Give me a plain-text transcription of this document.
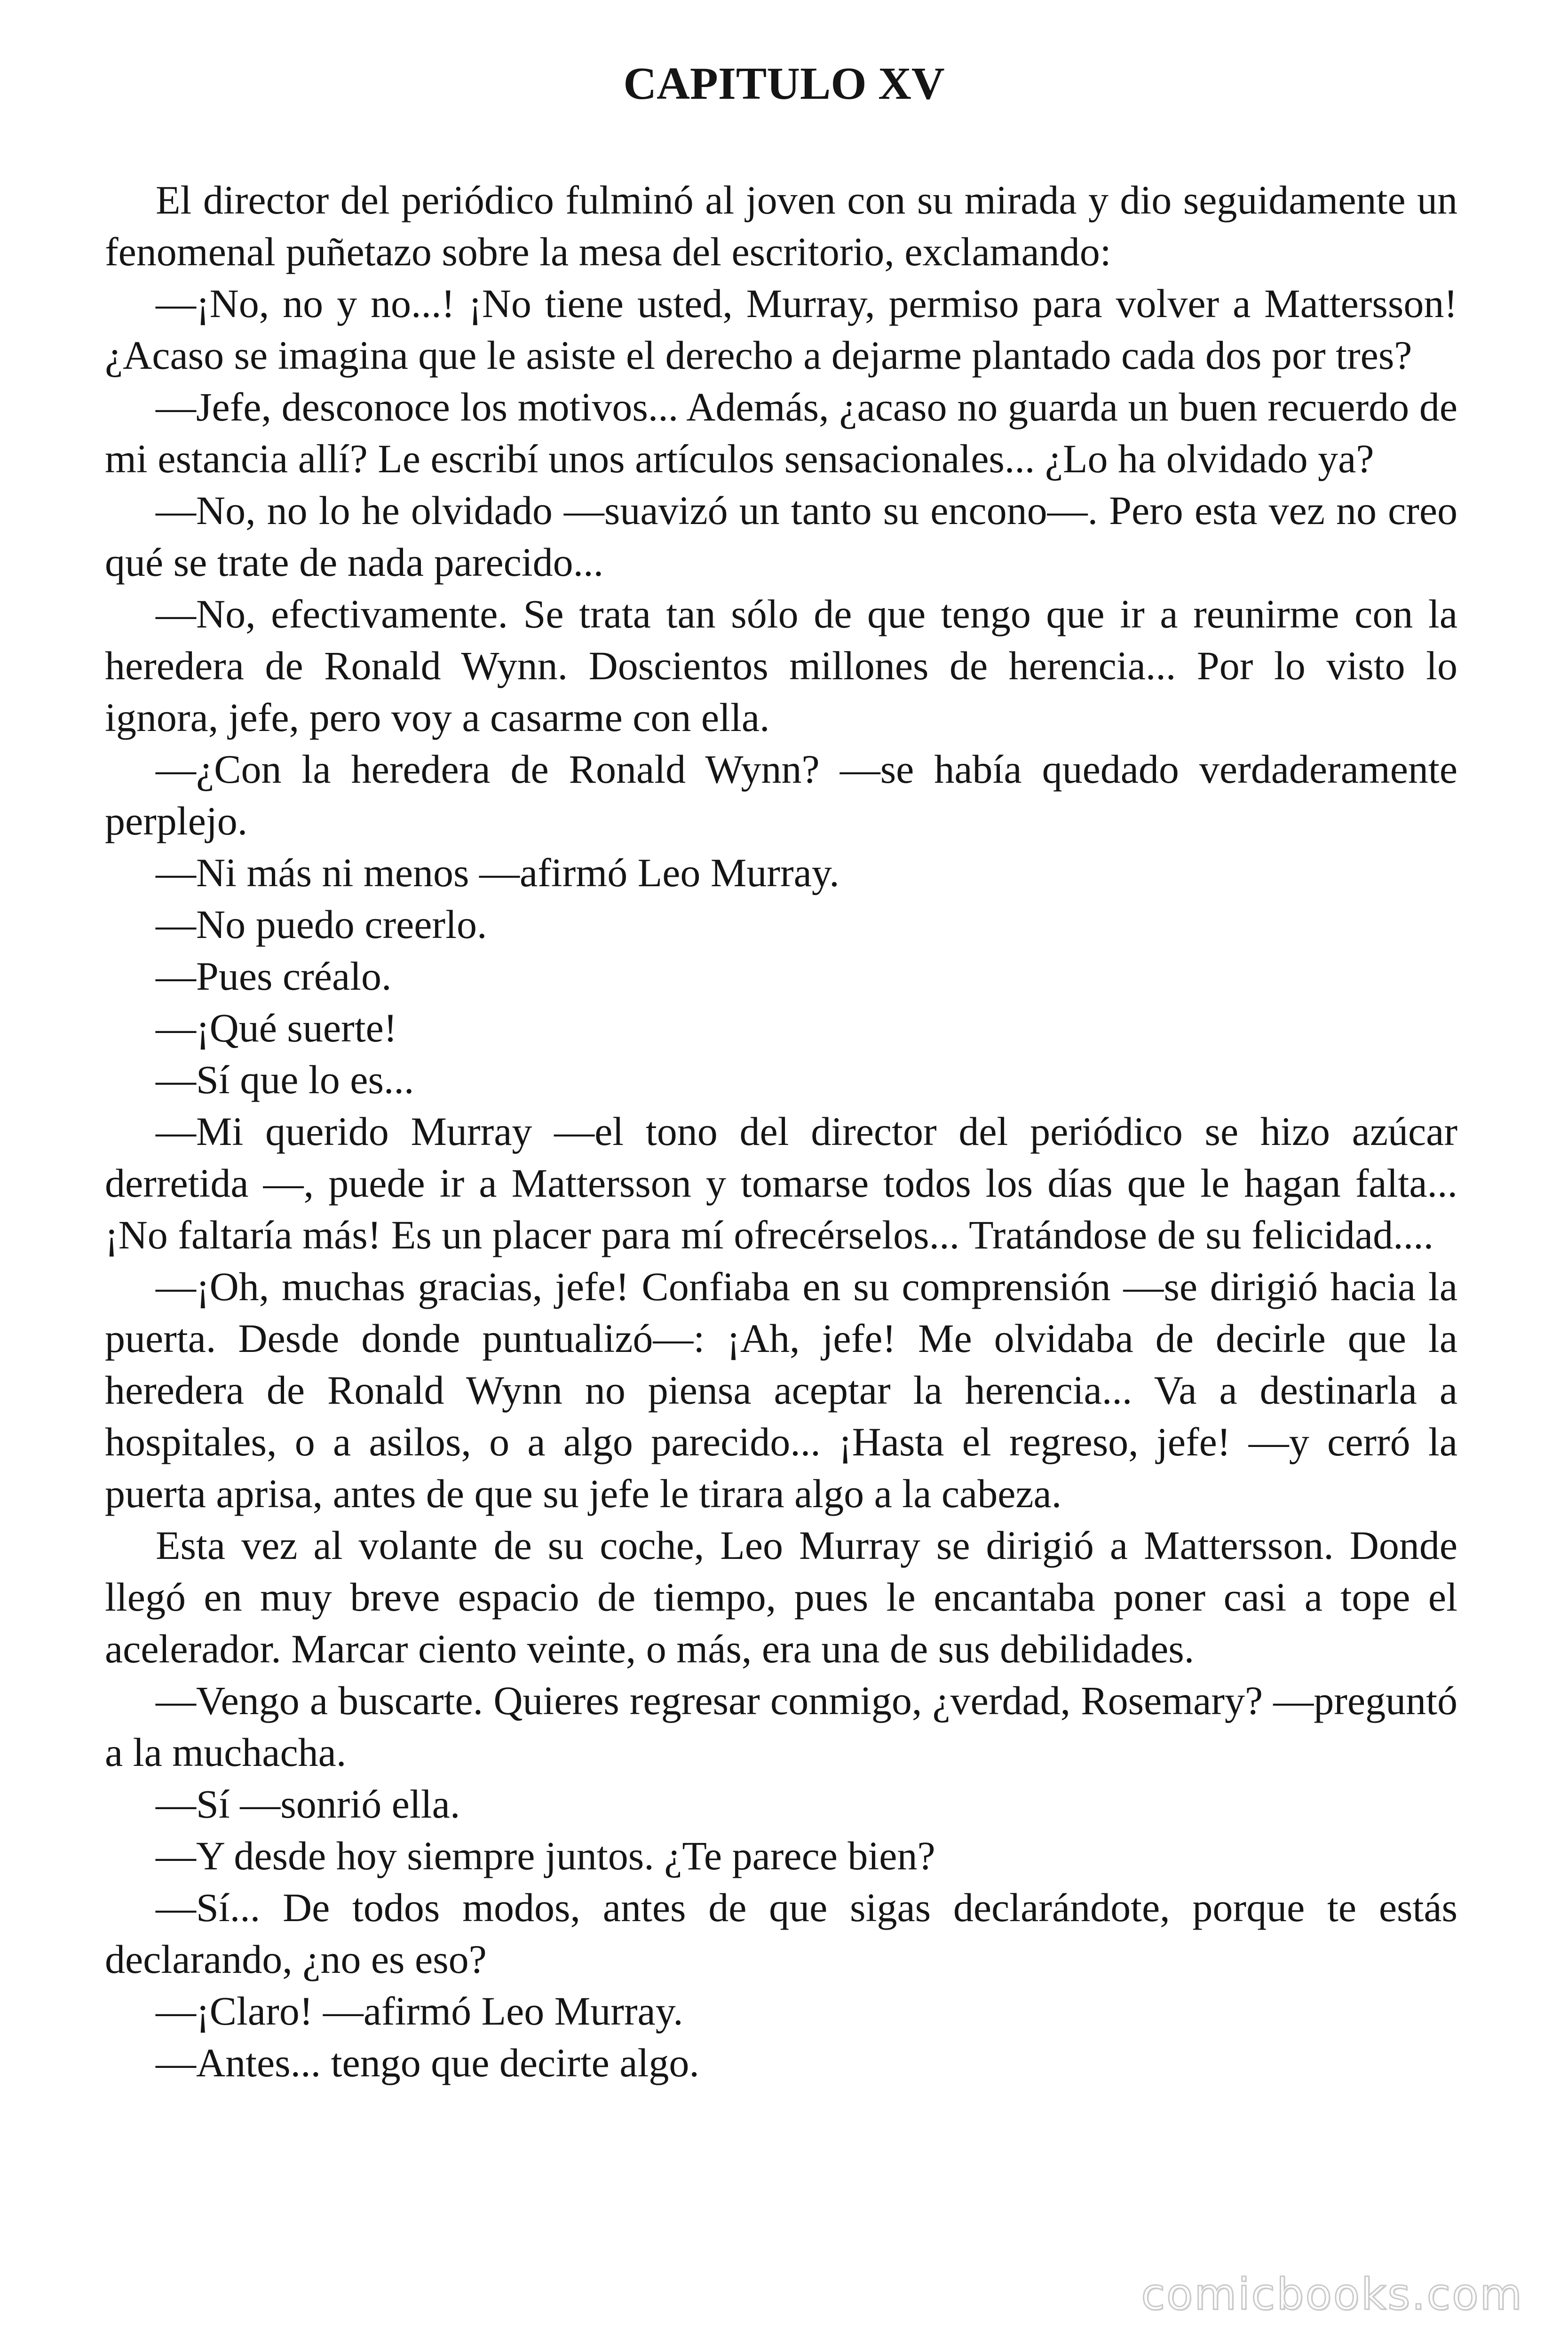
CAPITULO XV

El director del periódico fulminó al joven con su mirada y dio seguidamente un fenomenal puñetazo sobre la mesa del escritorio, exclamando:

—¡No, no y no...! ¡No tiene usted, Murray, permiso para volver a Mattersson! ¿Acaso se imagina que le asiste el derecho a dejarme plantado cada dos por tres?

—Jefe, desconoce los motivos... Además, ¿acaso no guarda un buen recuerdo de mi estancia allí? Le escribí unos artículos sensacionales... ¿Lo ha olvidado ya?

—No, no lo he olvidado —suavizó un tanto su encono—. Pero esta vez no creo qué se trate de nada parecido...

—No, efectivamente. Se trata tan sólo de que tengo que ir a reunirme con la heredera de Ronald Wynn. Doscientos millones de herencia... Por lo visto lo ignora, jefe, pero voy a casarme con ella.

—¿Con la heredera de Ronald Wynn? —se había quedado verdaderamente perplejo.

—Ni más ni menos —afirmó Leo Murray.

—No puedo creerlo.

—Pues créalo.

—¡Qué suerte!

—Sí que lo es...

—Mi querido Murray —el tono del director del periódico se hizo azúcar derretida —, puede ir a Mattersson y tomarse todos los días que le hagan falta... ¡No faltaría más! Es un placer para mí ofrecérselos... Tratándose de su felicidad....

—¡Oh, muchas gracias, jefe! Confiaba en su comprensión —se dirigió hacia la puerta. Desde donde puntualizó—: ¡Ah, jefe! Me olvidaba de decirle que la heredera de Ronald Wynn no piensa aceptar la herencia... Va a destinarla a hospitales, o a asilos, o a algo parecido... ¡Hasta el regreso, jefe! —y cerró la puerta aprisa, antes de que su jefe le tirara algo a la cabeza.

Esta vez al volante de su coche, Leo Murray se dirigió a Mattersson. Donde llegó en muy breve espacio de tiempo, pues le encantaba poner casi a tope el acelerador. Marcar ciento veinte, o más, era una de sus debilidades.

—Vengo a buscarte. Quieres regresar conmigo, ¿verdad, Rosemary? —preguntó a la muchacha.

—Sí —sonrió ella.

—Y desde hoy siempre juntos. ¿Te parece bien?

—Sí... De todos modos, antes de que sigas declarándote, porque te estás declarando, ¿no es eso?

—¡Claro! —afirmó Leo Murray.

—Antes... tengo que decirte algo.

comicbooks.com
